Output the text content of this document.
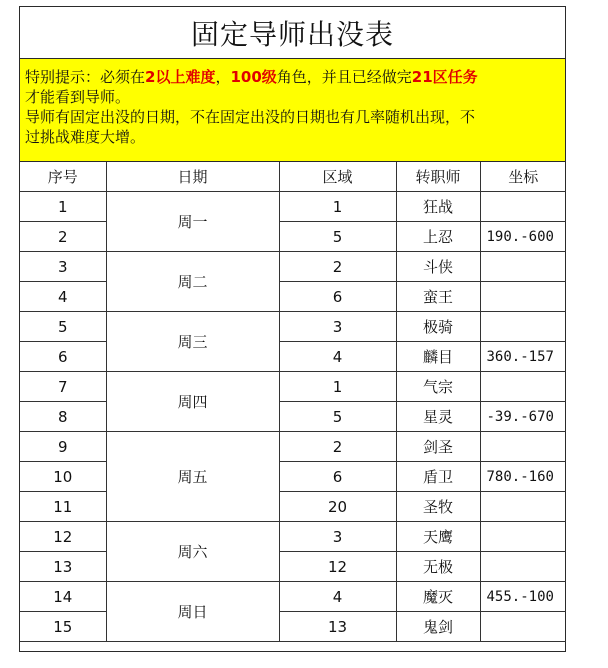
固定导师出没表
特别提示：必须在2以上难度，100级角色，并且已经做完21区任务
才能看到导师。
导师有固定出没的日期，不在固定出没的日期也有几率随机出现，不
过挑战难度大增。
序号	日期	区域	转职师	坐标
1	周一	1	狂战	
2		5	上忍	190.-600
3	周二	2	斗侠	
4		6	蛮王	
5	周三	3	极骑	
6		4	麟目	360.-157
7	周四	1	气宗	
8		5	星灵	-39.-670
9	周五	2	剑圣	
10		6	盾卫	780.-160
11		20	圣牧	
12	周六	3	天鹰	
13		12	无极	
14	周日	4	魔灭	455.-100
15		13	鬼剑	
